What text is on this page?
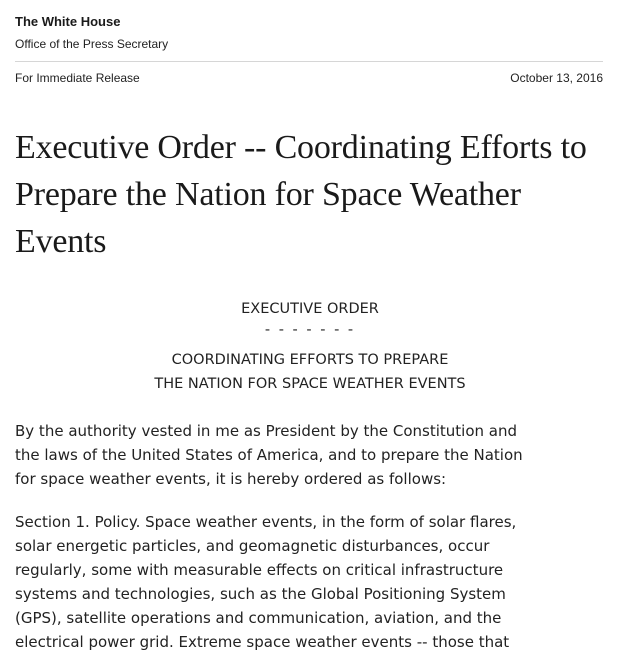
The White House
Office of the Press Secretary
For Immediate Release	October 13, 2016
Executive Order -- Coordinating Efforts to Prepare the Nation for Space Weather Events
EXECUTIVE ORDER
- - - - - - -
COORDINATING EFFORTS TO PREPARE
THE NATION FOR SPACE WEATHER EVENTS
By the authority vested in me as President by the Constitution and
the laws of the United States of America, and to prepare the Nation
for space weather events, it is hereby ordered as follows:
Section 1. Policy. Space weather events, in the form of solar flares,
solar energetic particles, and geomagnetic disturbances, occur
regularly, some with measurable effects on critical infrastructure
systems and technologies, such as the Global Positioning System
(GPS), satellite operations and communication, aviation, and the
electrical power grid. Extreme space weather events -- those that
